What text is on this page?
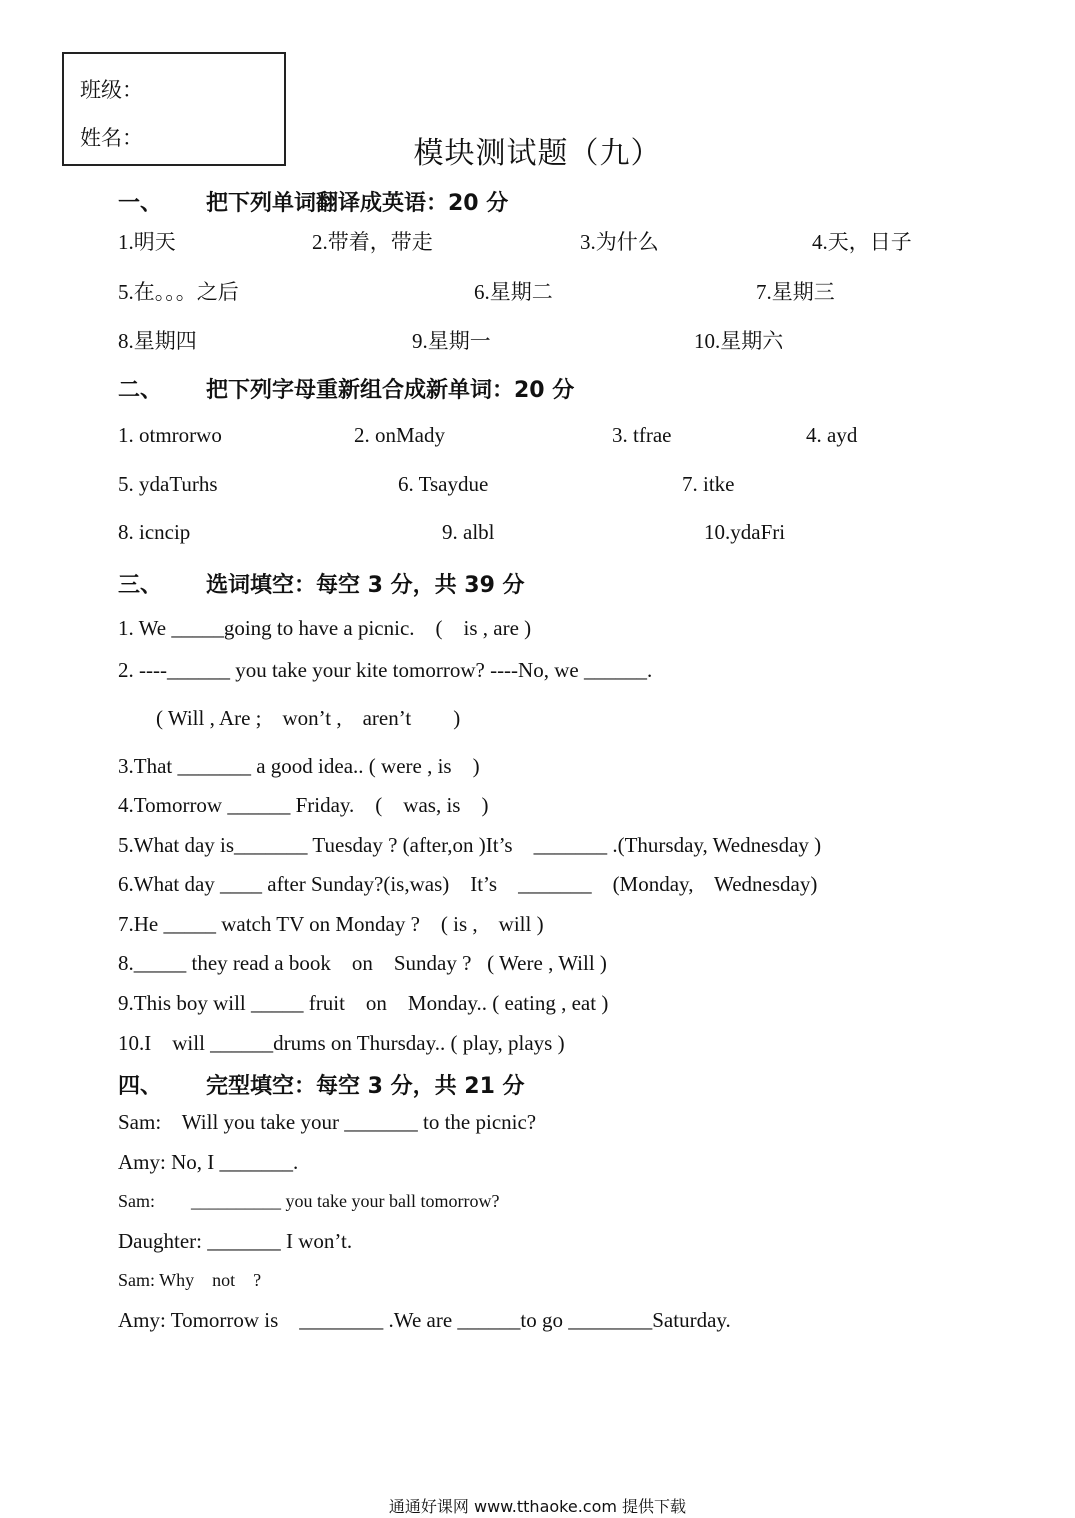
班级：
姓名：	模块测试题（九）
一、 把下列单词翻译成英语：20 分
1.明天	2.带着，带走	3.为什么	4.天，日子
5.在。。。之后	6.星期二	7.星期三
8.星期四	9.星期一	10.星期六
二、 把下列字母重新组合成新单词：20 分
1. otmrorwo	2. onMady	3. tfrae	4. ayd
5. ydaTurhs	6. Tsaydue	7. itke
8. icncip	9. albl	10.ydaFri
三、 选词填空：每空 3 分，共 39 分
1. We _____going to have a picnic.    (    is , are )
2. ----______ you take your kite tomorrow? ----No, we ______.
( Will , Are ;    won’t ,    aren’t        )
3.That _______ a good idea.. ( were , is    )
4.Tomorrow ______ Friday.    (    was, is    )
5.What day is_______ Tuesday ? (after,on )It’s    _______ .(Thursday, Wednesday )
6.What day ____ after Sunday?(is,was)    It’s    _______    (Monday,    Wednesday)
7.He _____ watch TV on Monday ?    ( is ,    will )
8._____ they read a book    on    Sunday ?   ( Were , Will )
9.This boy will _____ fruit    on    Monday.. ( eating , eat )
10.I    will ______drums on Thursday.. ( play, plays )
四、 完型填空：每空 3 分，共 21 分
Sam:    Will you take your _______ to the picnic?
Amy: No, I _______.
Sam:        __________ you take your ball tomorrow?
Daughter: _______ I won’t.
Sam: Why    not    ?
Amy: Tomorrow is    ________ .We are ______to go ________Saturday.
通通好课网 www.tthaoke.com 提供下载
